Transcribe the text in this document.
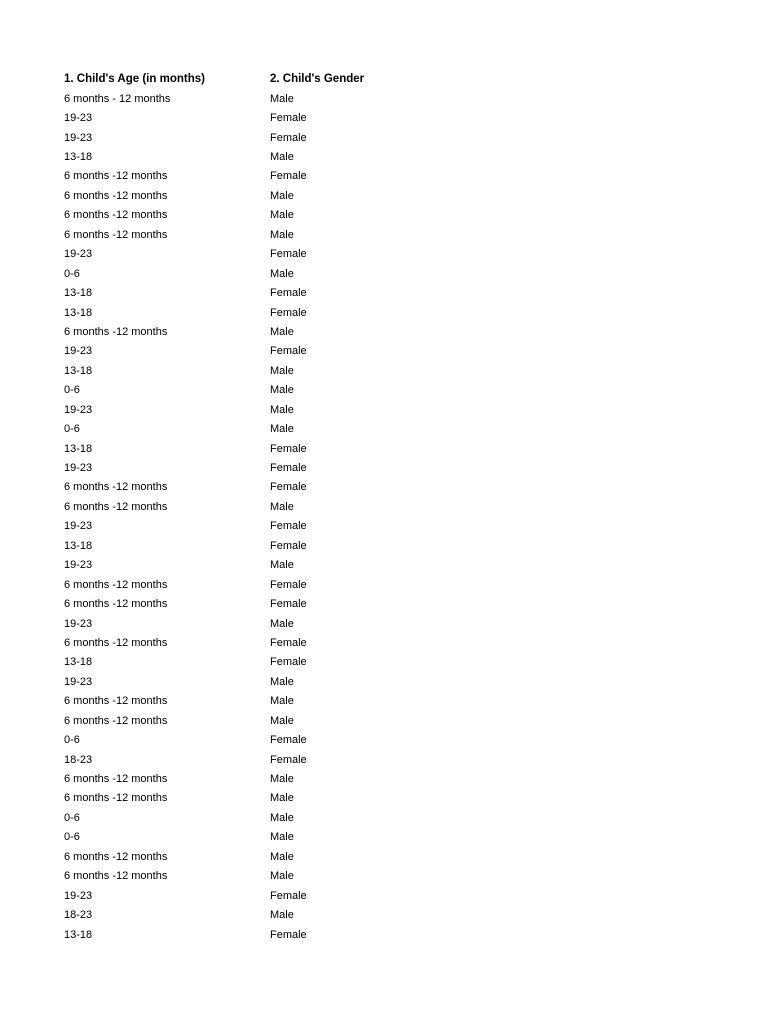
1. Child's Age (in months)	2. Child's Gender
6 months - 12 months	Male
19-23	Female
19-23	Female
13-18	Male
6 months -12 months	Female
6 months -12 months	Male
6 months -12 months	Male
6 months -12 months	Male
19-23	Female
0-6	Male
13-18	Female
13-18	Female
6 months -12 months	Male
19-23	Female
13-18	Male
0-6	Male
19-23	Male
0-6	Male
13-18	Female
19-23	Female
6 months -12 months	Female
6 months -12 months	Male
19-23	Female
13-18	Female
19-23	Male
6 months -12 months	Female
6 months -12 months	Female
19-23	Male
6 months -12 months	Female
13-18	Female
19-23	Male
6 months -12 months	Male
6 months -12 months	Male
0-6	Female
18-23	Female
6 months -12 months	Male
6 months -12 months	Male
0-6	Male
0-6	Male
6 months -12 months	Male
6 months -12 months	Male
19-23	Female
18-23	Male
13-18	Female
